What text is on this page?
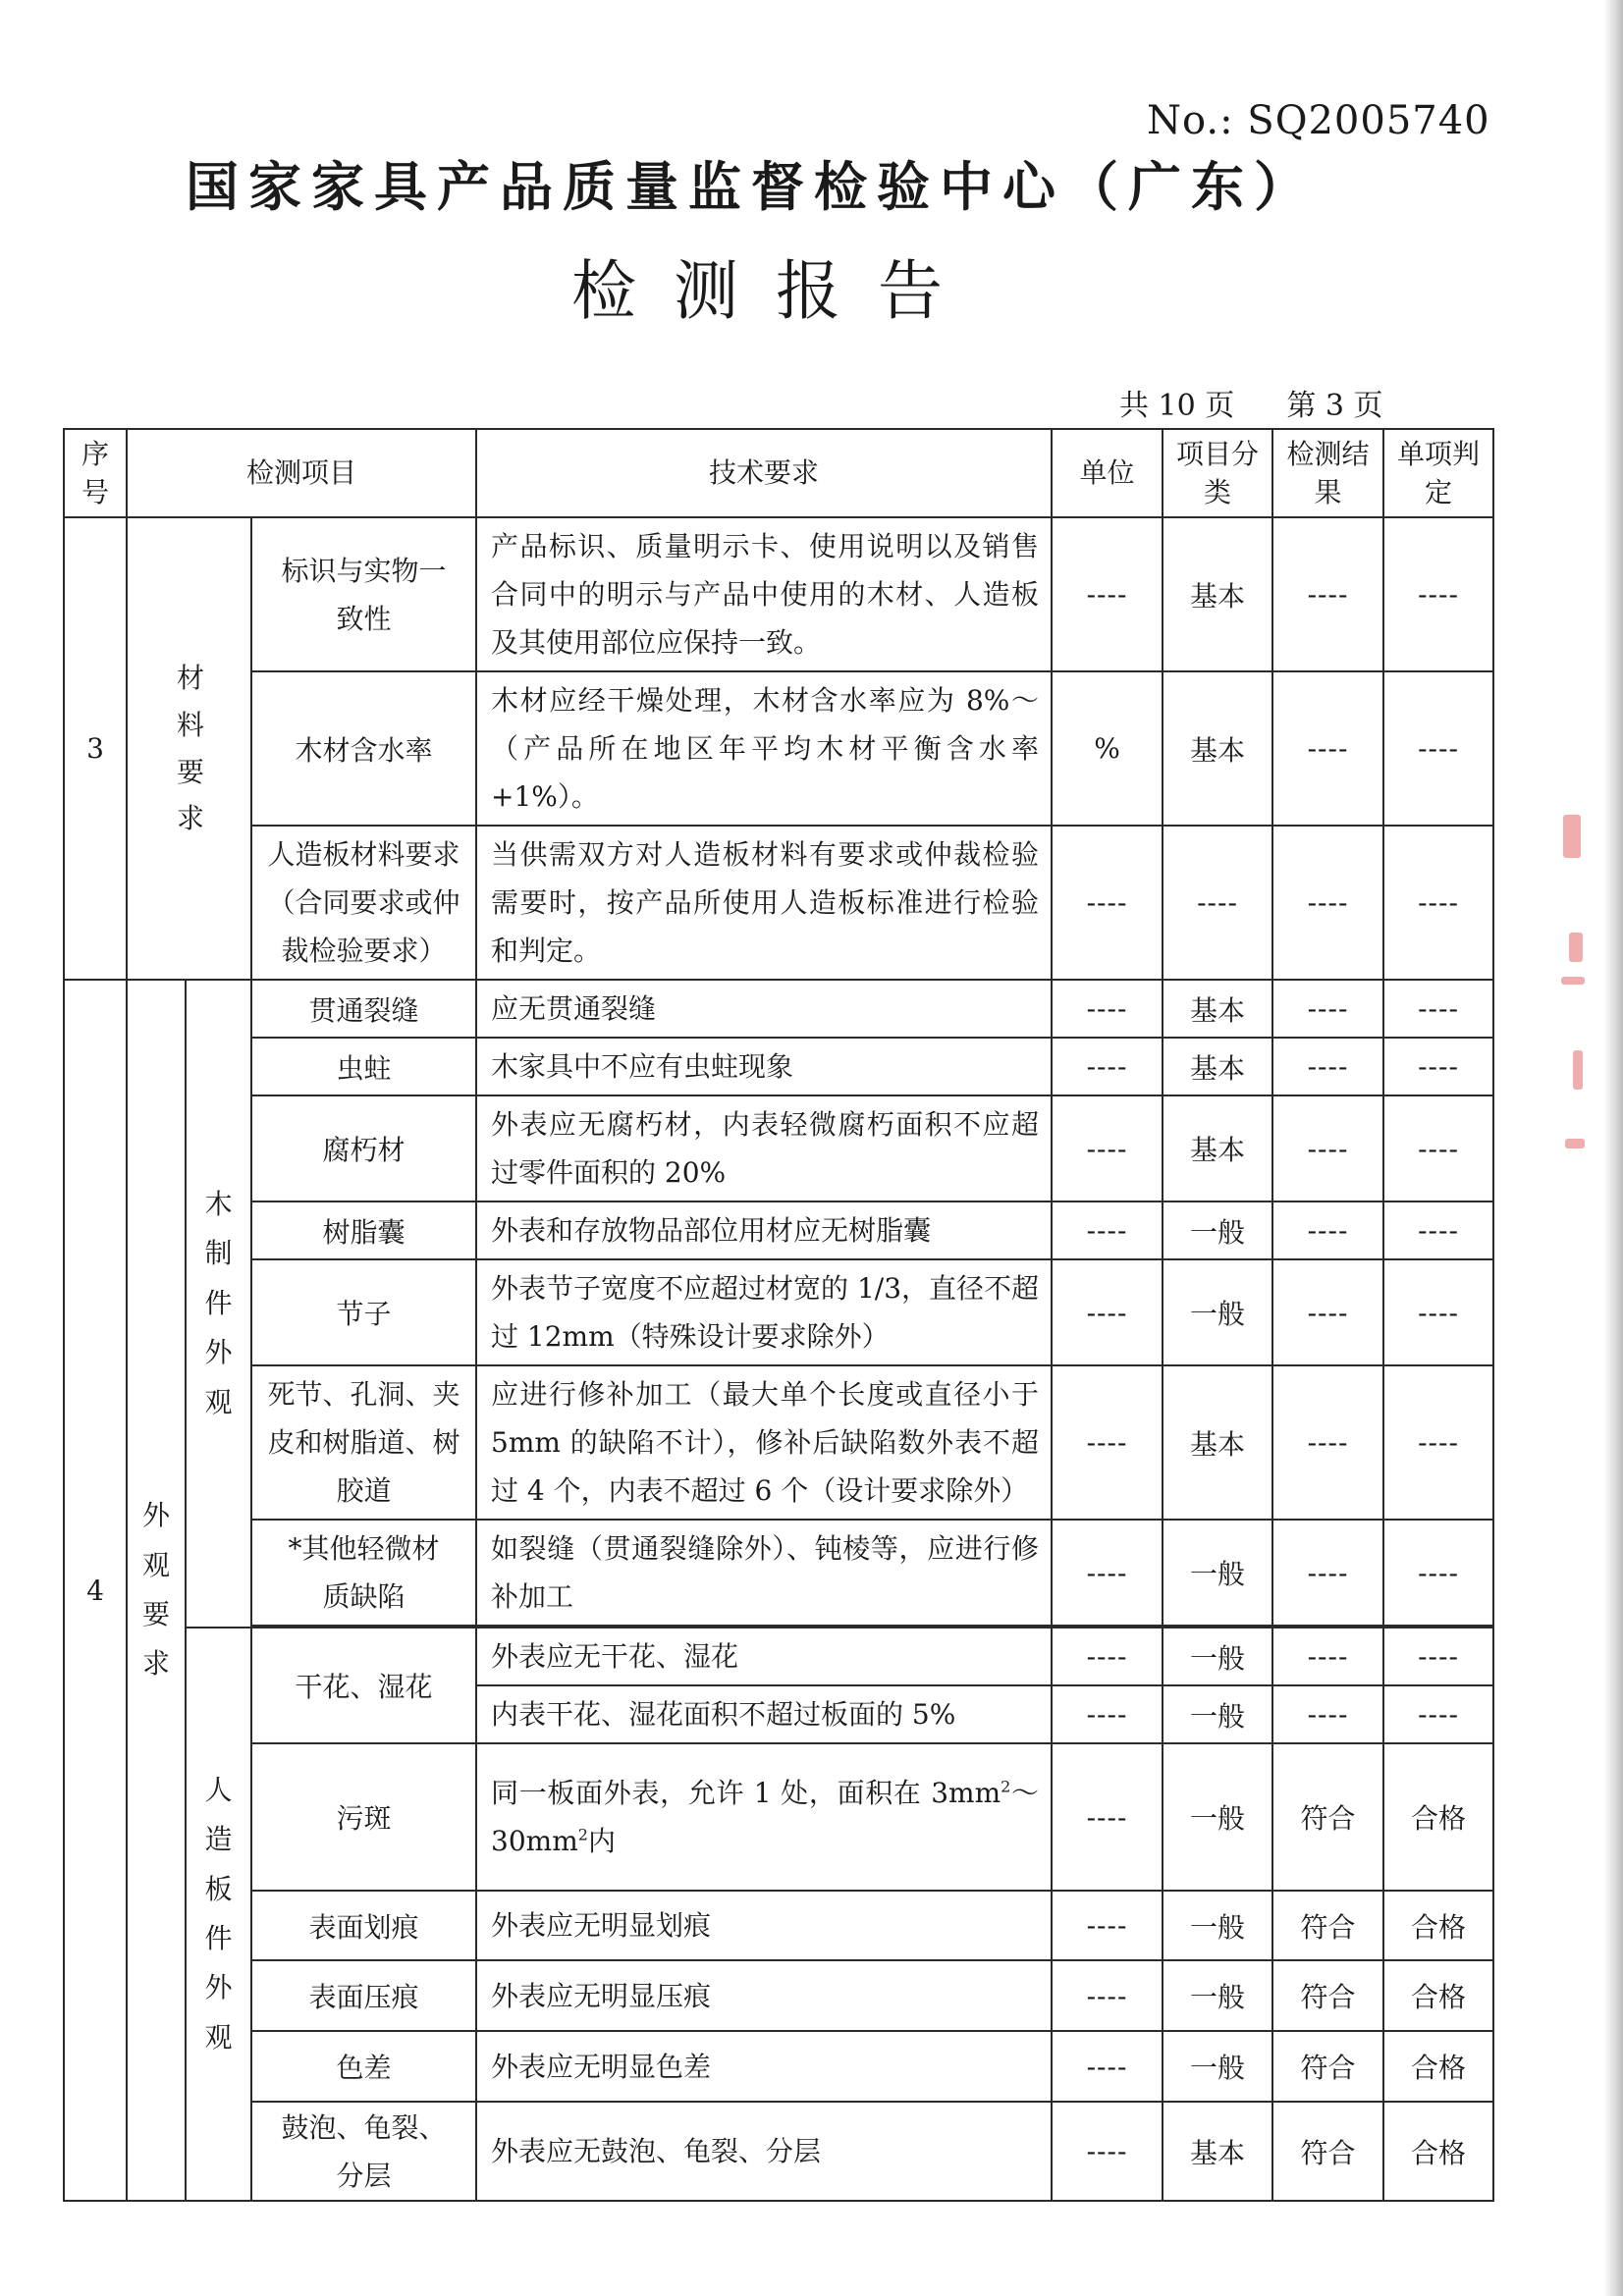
No.: SQ2005740
国家家具产品质量监督检验中心（广东）
检测报告
共 10 页 第 3 页
序号	检测项目			技术要求	单位	项目分类	检测结果	单项判定
3	材料要求		标识与实物一致性	产品标识、质量明示卡、使用说明以及销售合同中的明示与产品中使用的木材、人造板及其使用部位应保持一致。	----	基本	----	----
			木材含水率	木材应经干燥处理，木材含水率应为 8%～（产品所在地区年平均木材平衡含水率+1%）。	%	基本	----	----
			人造板材料要求（合同要求或仲裁检验要求）	当供需双方对人造板材料有要求或仲裁检验需要时，按产品所使用人造板标准进行检验和判定。	----	----	----	----
4	外观要求	木制件外观	贯通裂缝	应无贯通裂缝	----	基本	----	----
			虫蛀	木家具中不应有虫蛀现象	----	基本	----	----
			腐朽材	外表应无腐朽材，内表轻微腐朽面积不应超过零件面积的 20%	----	基本	----	----
			树脂囊	外表和存放物品部位用材应无树脂囊	----	一般	----	----
			节子	外表节子宽度不应超过材宽的 1/3，直径不超过 12mm（特殊设计要求除外）	----	一般	----	----
			死节、孔洞、夹皮和树脂道、树胶道	应进行修补加工（最大单个长度或直径小于 5mm 的缺陷不计），修补后缺陷数外表不超过 4 个，内表不超过 6 个（设计要求除外）	----	基本	----	----
			*其他轻微材质缺陷	如裂缝（贯通裂缝除外）、钝棱等，应进行修补加工	----	一般	----	----

		人造板件外观	干花、湿花	外表应无干花、湿花	----	一般	----	----
				内表干花、湿花面积不超过板面的 5%	----	一般	----	----
			污斑	同一板面外表，允许 1 处，面积在 $3mm^2\sim 30mm^2$内	----	一般	符合	合格
			表面划痕	外表应无明显划痕	----	一般	符合	合格
			表面压痕	外表应无明显压痕	----	一般	符合	合格
			色差	外表应无明显色差	----	一般	符合	合格
			鼓泡、龟裂、分层	外表应无鼓泡、龟裂、分层	----	基本	符合	合格
